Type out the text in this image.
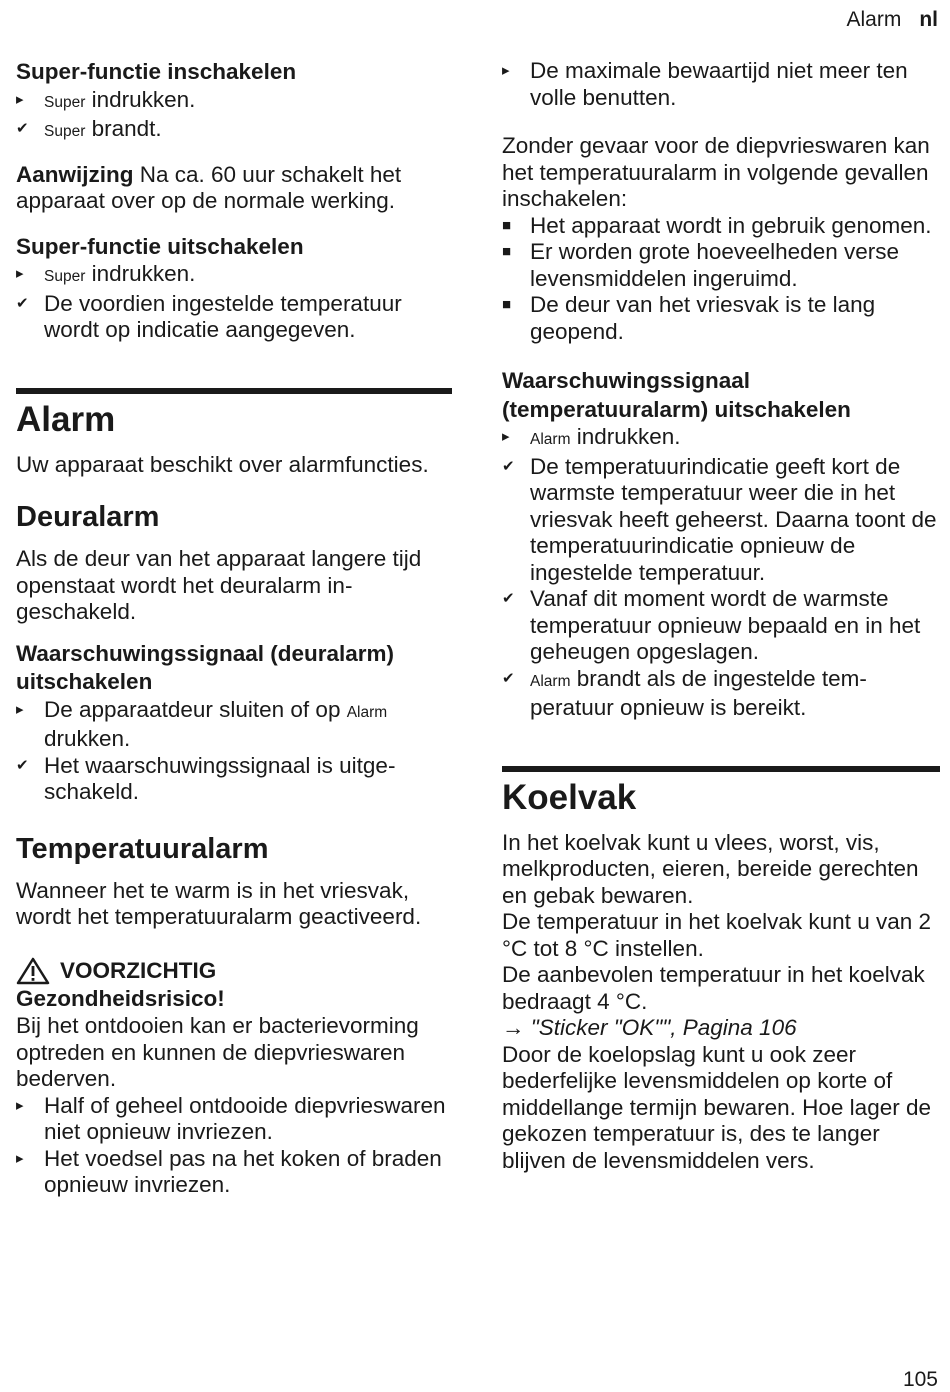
Alarm nl
Super-functie inschakelen
▸	Super indrukken.
✔ Super brandt.

Aanwijzing Na ca. 60 uur schakelt het apparaat over op de normale werking.

Super-functie uitschakelen
▸	Super indrukken.
✔ De voordien ingestelde temperatuur wordt op indicatie aangegeven.
Alarm

Uw apparaat beschikt over alarmfuncties.

Deuralarm

Als de deur van het apparaat langere tijd openstaat wordt het deuralarm ingeschakeld.

Waarschuwingssignaal (deuralarm) uitschakelen
▸ De apparaatdeur sluiten of op Alarm drukken.
✔ Het waarschuwingssignaal is uitgeschakeld.
Temperatuuralarm

Wanneer het te warm is in het vriesvak, wordt het temperatuuralarm geactiveerd.

VOORZICHTIG
Gezondheidsrisico!

Bij het ontdooien kan er bacterievorming optreden en kunnen de diepvrieswaren bederven.

▸ Half of geheel ontdooide diepvrieswaren niet opnieuw invriezen.
▸ Het voedsel pas na het koken of braden opnieuw invriezen.
▸ De maximale bewaartijd niet meer ten volle benutten.

Zonder gevaar voor de diepvrieswaren kan het temperatuuralarm in volgende gevallen inschakelen:

■ Het apparaat wordt in gebruik genomen.
■ Er worden grote hoeveelheden verse levensmiddelen ingeruimd.
■ De deur van het vriesvak is te lang geopend.
Waarschuwingssignaal (temperatuuralarm) uitschakelen
▸	Alarm indrukken.
✔ De temperatuurindicatie geeft kort de warmste temperatuur weer die in het vriesvak heeft geheerst. Daarna toont de temperatuurindicatie opnieuw de ingestelde temperatuur.
✔ Vanaf dit moment wordt de warmste temperatuur opnieuw bepaald en in het geheugen opgeslagen.
✔ Alarm brandt als de ingestelde temperatuur opnieuw is bereikt.
Koelvak

In het koelvak kunt u vlees, worst, vis, melkproducten, eieren, bereide gerechten en gebak bewaren.

De temperatuur in het koelvak kunt u van 2 °C tot 8 °C instellen.

De aanbevolen temperatuur in het koelvak bedraagt 4 °C.

→ "Sticker "OK"", Pagina 106

Door de koelopslag kunt u ook zeer bederfelijke levensmiddelen op korte of middellange termijn bewaren. Hoe lager de gekozen temperatuur is, des te langer blijven de levensmiddelen vers.

105
